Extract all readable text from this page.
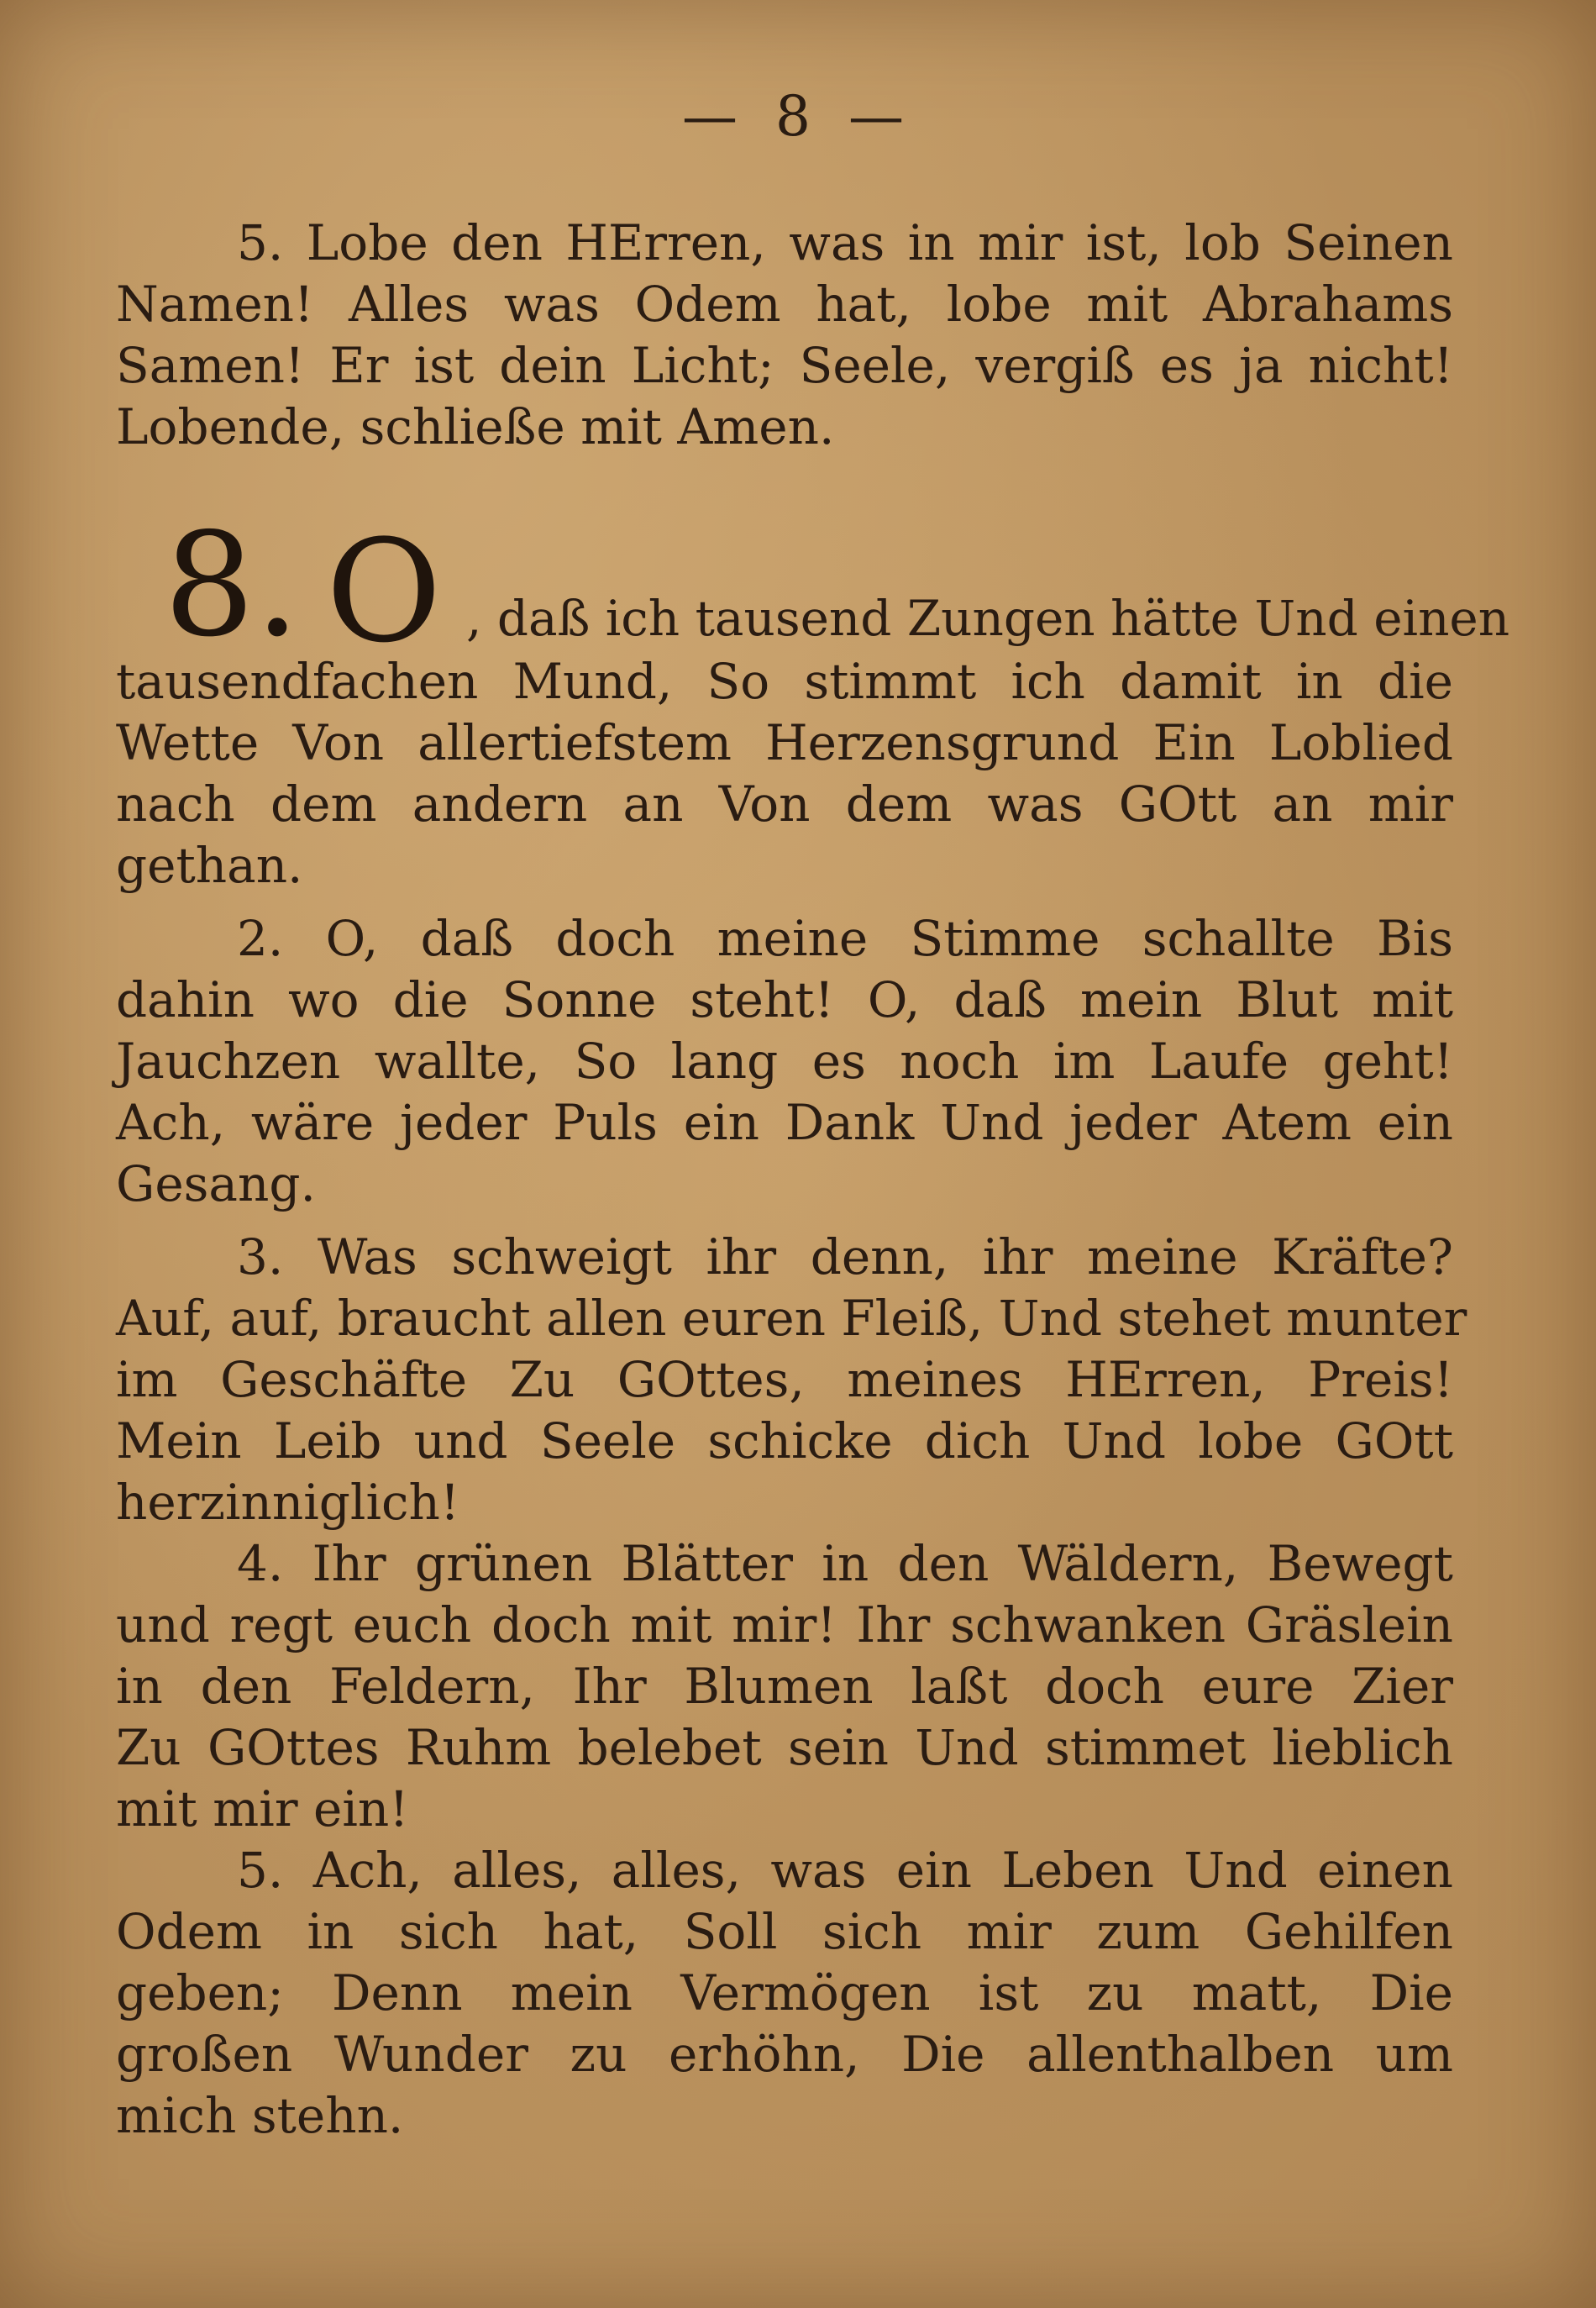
— 8 —
5. Lobe den HErren, was in mir ist, lob Seinen
Namen! Alles was Odem hat, lobe mit Abrahams
Samen! Er ist dein Licht; Seele, vergiß es ja nicht!
Lobende, schließe mit Amen.
8. O , daß ich tausend Zungen hätte Und einen
tausendfachen Mund, So stimmt ich damit in die
Wette Von allertiefstem Herzensgrund Ein Loblied
nach dem andern an Von dem was GOtt an mir
gethan.
2. O, daß doch meine Stimme schallte Bis
dahin wo die Sonne steht! O, daß mein Blut mit
Jauchzen wallte, So lang es noch im Laufe geht!
Ach, wäre jeder Puls ein Dank Und jeder Atem ein
Gesang.
3. Was schweigt ihr denn, ihr meine Kräfte?
Auf, auf, braucht allen euren Fleiß, Und stehet munter
im Geschäfte Zu GOttes, meines HErren, Preis!
Mein Leib und Seele schicke dich Und lobe GOtt
herzinniglich!
4. Ihr grünen Blätter in den Wäldern, Bewegt
und regt euch doch mit mir! Ihr schwanken Gräslein
in den Feldern, Ihr Blumen laßt doch eure Zier
Zu GOttes Ruhm belebet sein Und stimmet lieblich
mit mir ein!
5. Ach, alles, alles, was ein Leben Und einen
Odem in sich hat, Soll sich mir zum Gehilfen
geben; Denn mein Vermögen ist zu matt, Die
großen Wunder zu erhöhn, Die allenthalben um
mich stehn.
